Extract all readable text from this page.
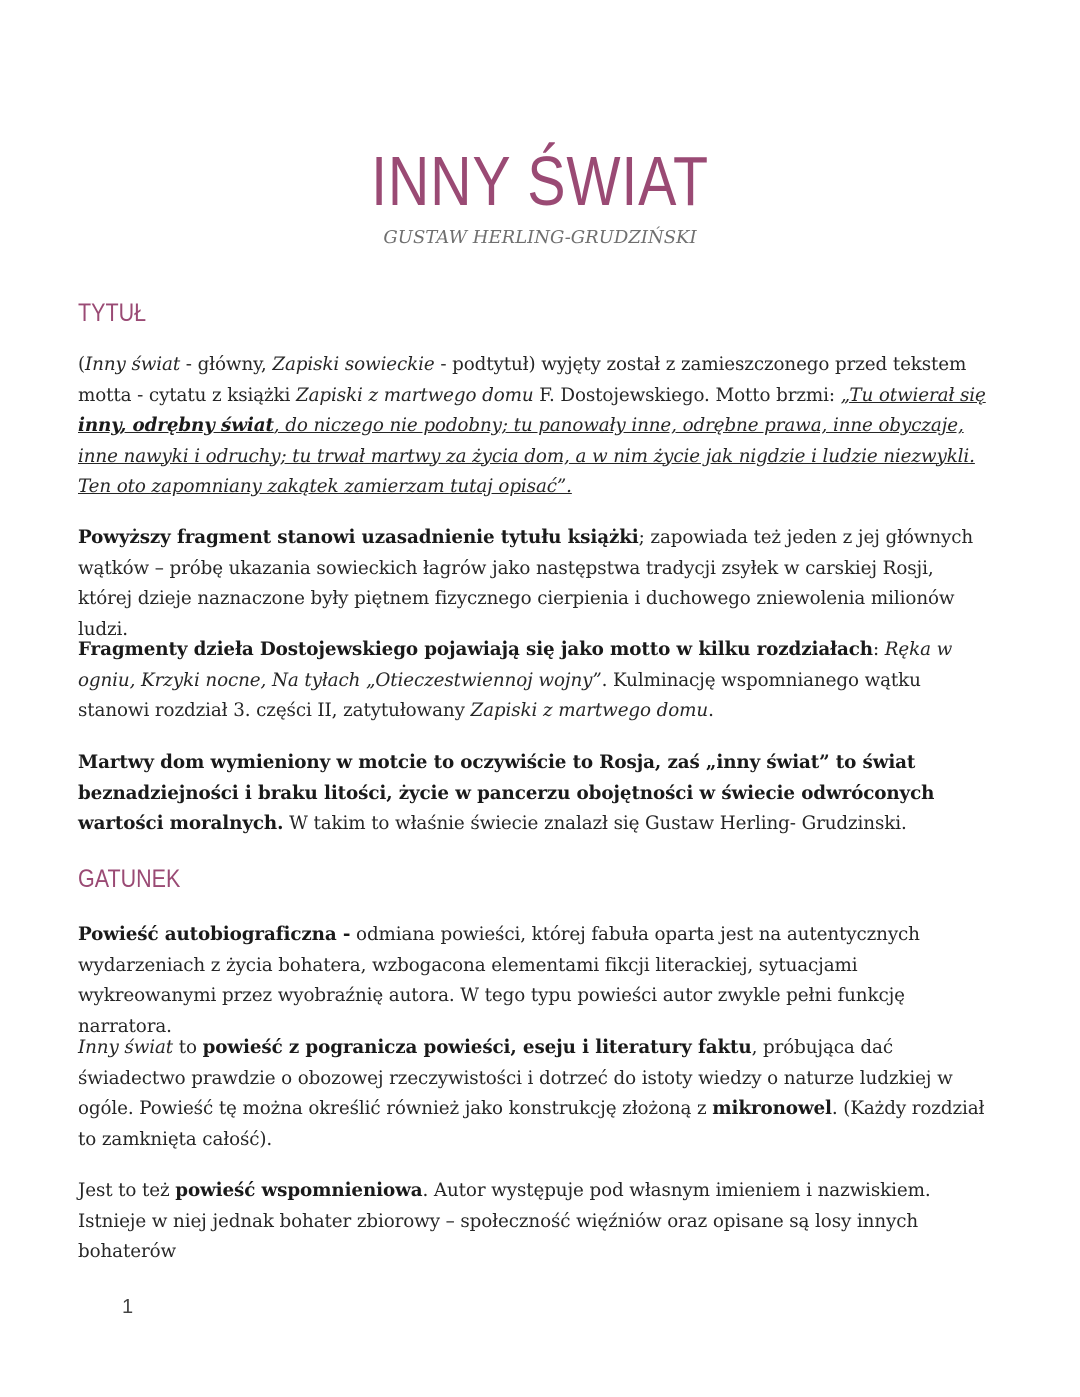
INNY ŚWIAT
GUSTAW HERLING-GRUDZIŃSKI
TYTUŁ

(Inny świat - główny, Zapiski sowieckie - podtytuł) wyjęty został z zamieszczonego przed tekstem motta - cytatu z książki Zapiski z martwego domu F. Dostojewskiego. Motto brzmi: „Tu otwierał się inny, odrębny świat, do niczego nie podobny; tu panowały inne, odrębne prawa, inne obyczaje, inne nawyki i odruchy; tu trwał martwy za życia dom, a w nim życie jak nigdzie i ludzie niezwykli. Ten oto zapomniany zakątek zamierzam tutaj opisać”.

Powyższy fragment stanowi uzasadnienie tytułu książki; zapowiada też jeden z jej głównych wątków – próbę ukazania sowieckich łagrów jako następstwa tradycji zsyłek w carskiej Rosji, której dzieje naznaczone były piętnem fizycznego cierpienia i duchowego zniewolenia milionów ludzi.

Fragmenty dzieła Dostojewskiego pojawiają się jako motto w kilku rozdziałach: Ręka w ogniu, Krzyki nocne, Na tyłach „Otieczestwiennoj wojny”. Kulminację wspomnianego wątku stanowi rozdział 3. części II, zatytułowany Zapiski z martwego domu.

Martwy dom wymieniony w motcie to oczywiście to Rosja, zaś „inny świat” to świat beznadziejności i braku litości, życie w pancerzu obojętności w świecie odwróconych wartości moralnych. W takim to właśnie świecie znalazł się Gustaw Herling- Grudzinski.

GATUNEK

Powieść autobiograficzna - odmiana powieści, której fabuła oparta jest na autentycznych wydarzeniach z życia bohatera, wzbogacona elementami fikcji literackiej, sytuacjami wykreowanymi przez wyobraźnię autora. W tego typu powieści autor zwykle pełni funkcję narratora.

Inny świat to powieść z pogranicza powieści, eseju i literatury faktu, próbująca dać świadectwo prawdzie o obozowej rzeczywistości i dotrzeć do istoty wiedzy o naturze ludzkiej w ogóle. Powieść tę można określić również jako konstrukcję złożoną z mikronowel. (Każdy rozdział to zamknięta całość).

Jest to też powieść wspomnieniowa. Autor występuje pod własnym imieniem i nazwiskiem. Istnieje w niej jednak bohater zbiorowy – społeczność więźniów oraz opisane są losy innych bohaterów

1
